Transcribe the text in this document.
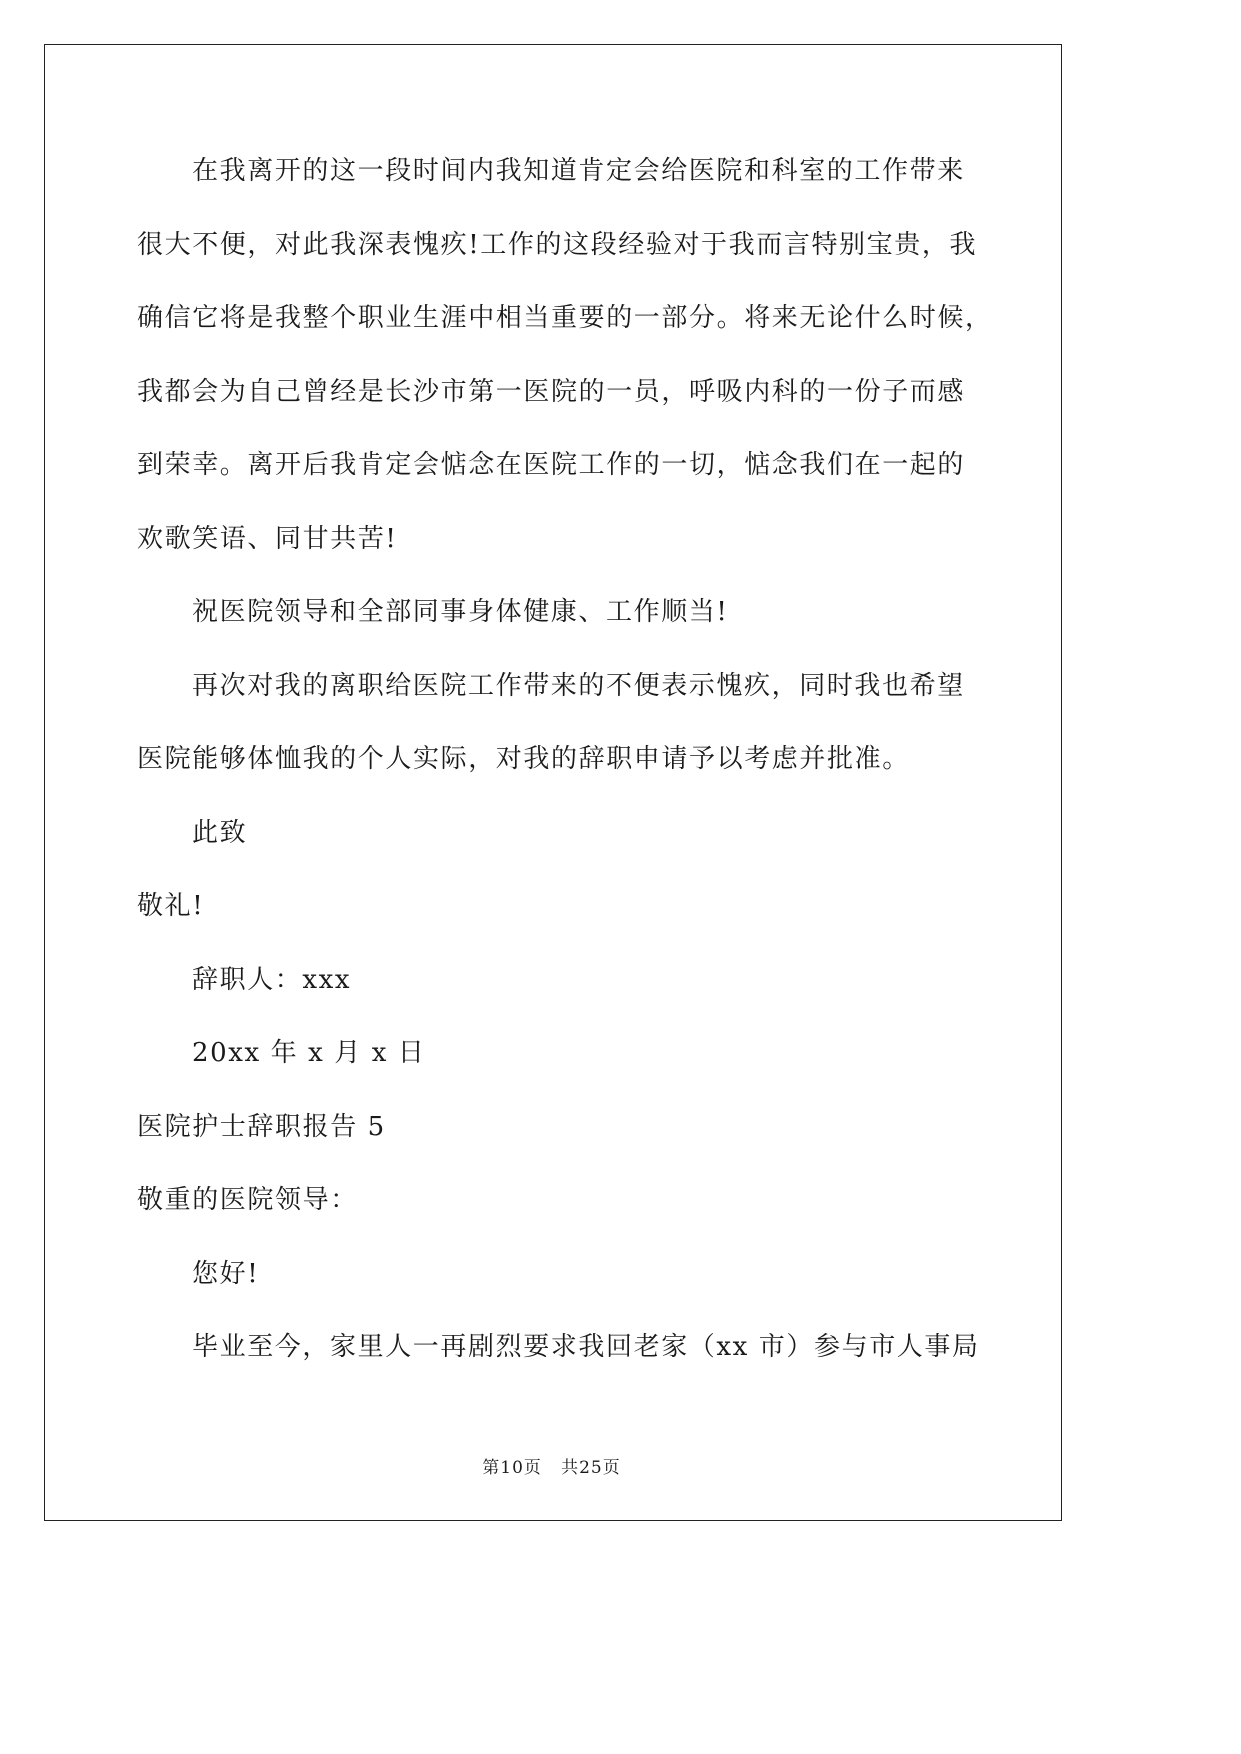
在我离开的这一段时间内我知道肯定会给医院和科室的工作带来
很大不便，对此我深表愧疚!工作的这段经验对于我而言特别宝贵，我
确信它将是我整个职业生涯中相当重要的一部分。将来无论什么时候，
我都会为自己曾经是长沙市第一医院的一员，呼吸内科的一份子而感
到荣幸。离开后我肯定会惦念在医院工作的一切，惦念我们在一起的
欢歌笑语、同甘共苦!
祝医院领导和全部同事身体健康、工作顺当!
再次对我的离职给医院工作带来的不便表示愧疚，同时我也希望
医院能够体恤我的个人实际，对我的辞职申请予以考虑并批准。
此致
敬礼!
辞职人：xxx
20xx 年 x 月 x 日
医院护士辞职报告 5
敬重的医院领导：
您好!
毕业至今，家里人一再剧烈要求我回老家（xx 市）参与市人事局
第10页   共25页
